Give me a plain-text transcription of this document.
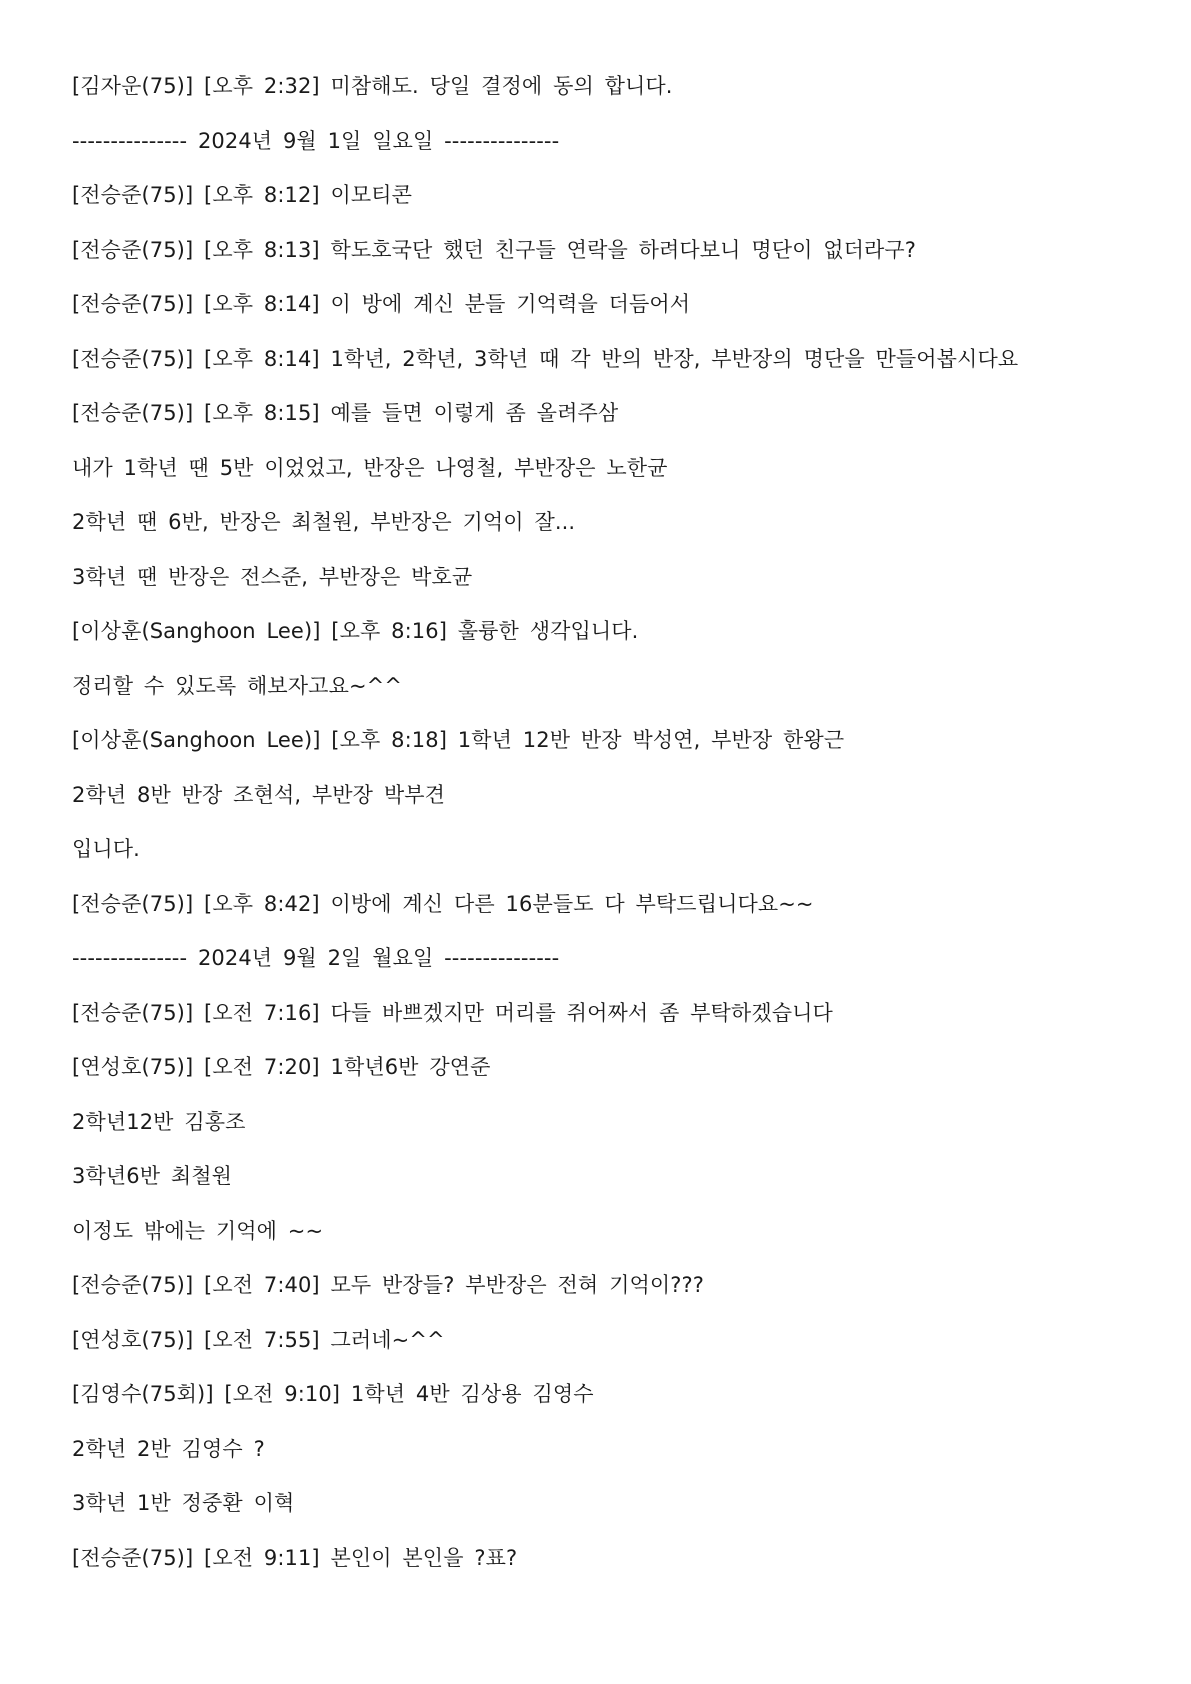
[김자운(75)] [오후 2:32] 미참해도. 당일 결정에 동의 합니다.
--------------- 2024년 9월 1일 일요일 ---------------
[전승준(75)] [오후 8:12] 이모티콘
[전승준(75)] [오후 8:13] 학도호국단 했던 친구들 연락을 하려다보니 명단이 없더라구?
[전승준(75)] [오후 8:14] 이 방에 계신 분들 기억력을 더듬어서
[전승준(75)] [오후 8:14] 1학년, 2학년, 3학년 때 각 반의 반장, 부반장의 명단을 만들어봅시다요
[전승준(75)] [오후 8:15] 예를 들면 이렇게 좀 올려주삼
내가 1학년 땐 5반 이었었고, 반장은 나영철, 부반장은 노한균
2학년 땐 6반, 반장은 최철원, 부반장은 기억이 잘...
3학년 땐 반장은 전스준, 부반장은 박호균
[이상훈(Sanghoon Lee)] [오후 8:16] 훌륭한 생각입니다.
정리할 수 있도록 해보자고요~^^
[이상훈(Sanghoon Lee)] [오후 8:18] 1학년 12반 반장 박성연, 부반장 한왕근
2학년 8반 반장 조현석, 부반장 박부견
입니다.
[전승준(75)] [오후 8:42] 이방에 계신 다른 16분들도 다 부탁드립니다요~~
--------------- 2024년 9월 2일 월요일 ---------------
[전승준(75)] [오전 7:16] 다들 바쁘겠지만 머리를 쥐어짜서 좀 부탁하겠습니다
[연성호(75)] [오전 7:20] 1학년6반 강연준
2학년12반 김홍조
3학년6반 최철원
이정도 밖에는 기억에 ~~
[전승준(75)] [오전 7:40] 모두 반장들? 부반장은 전혀 기억이???
[연성호(75)] [오전 7:55] 그러네~^^
[김영수(75회)] [오전 9:10] 1학년 4반 김상용 김영수
2학년 2반 김영수 ?
3학년 1반 정중환 이혁
[전승준(75)] [오전 9:11] 본인이 본인을 ?표?
